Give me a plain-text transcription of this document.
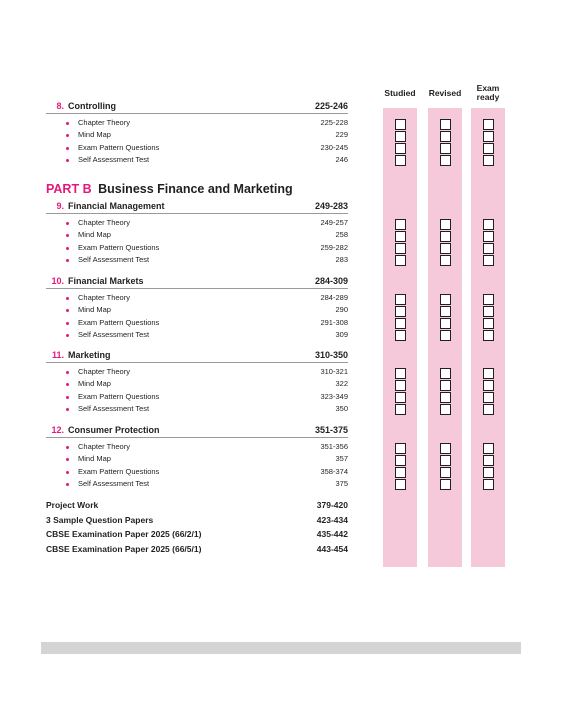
Studied	Revised	Exam
ready
8. Controlling	225-246
Chapter Theory	225-228
Mind Map	229
Exam Pattern Questions	230-245
Self Assessment Test	246
9. Financial Management	249-283
Chapter Theory	249-257
Mind Map	258
Exam Pattern Questions	259-282
Self Assessment Test	283
10. Financial Markets	284-309
Chapter Theory	284-289
Mind Map	290
Exam Pattern Questions	291-308
Self Assessment Test	309
11. Marketing	310-350
Chapter Theory	310-321
Mind Map	322
Exam Pattern Questions	323-349
Self Assessment Test	350
12. Consumer Protection	351-375
Chapter Theory	351-356
Mind Map	357
Exam Pattern Questions	358-374
Self Assessment Test	375
PART B Business Finance and Marketing
Project Work	379-420
3 Sample Question Papers	423-434
CBSE Examination Paper 2025 (66/2/1)	435-442
CBSE Examination Paper 2025 (66/5/1)	443-454
